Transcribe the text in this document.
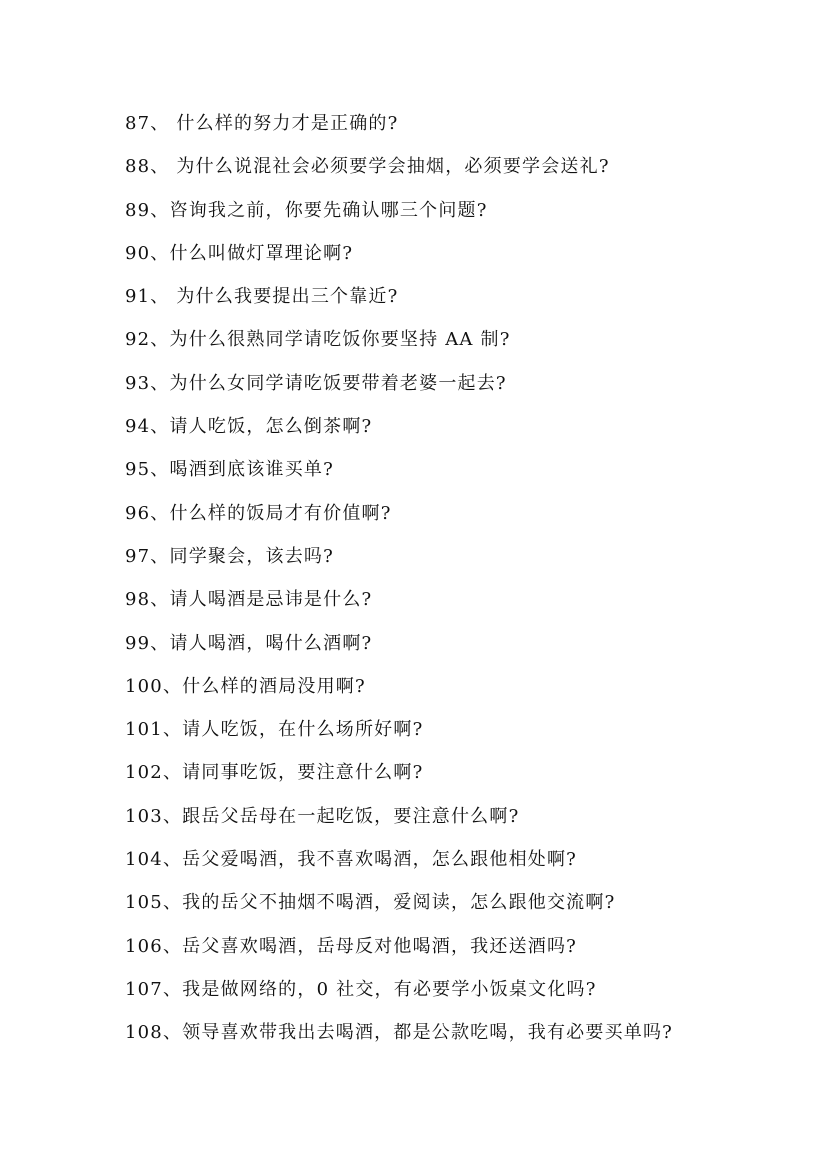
87、 什么样的努力才是正确的?
88、 为什么说混社会必须要学会抽烟，必须要学会送礼?
89、咨询我之前，你要先确认哪三个问题?
90、什么叫做灯罩理论啊?
91、 为什么我要提出三个靠近?
92、为什么很熟同学请吃饭你要坚持 AA 制?
93、为什么女同学请吃饭要带着老婆一起去?
94、请人吃饭，怎么倒茶啊?
95、喝酒到底该谁买单?
96、什么样的饭局才有价值啊?
97、同学聚会，该去吗?
98、请人喝酒是忌讳是什么?
99、请人喝酒，喝什么酒啊?
100、什么样的酒局没用啊?
101、请人吃饭，在什么场所好啊?
102、请同事吃饭，要注意什么啊?
103、跟岳父岳母在一起吃饭，要注意什么啊?
104、岳父爱喝酒，我不喜欢喝酒，怎么跟他相处啊?
105、我的岳父不抽烟不喝酒，爱阅读，怎么跟他交流啊?
106、岳父喜欢喝酒，岳母反对他喝酒，我还送酒吗?
107、我是做网络的，0 社交，有必要学小饭桌文化吗?
108、领导喜欢带我出去喝酒，都是公款吃喝，我有必要买单吗?
